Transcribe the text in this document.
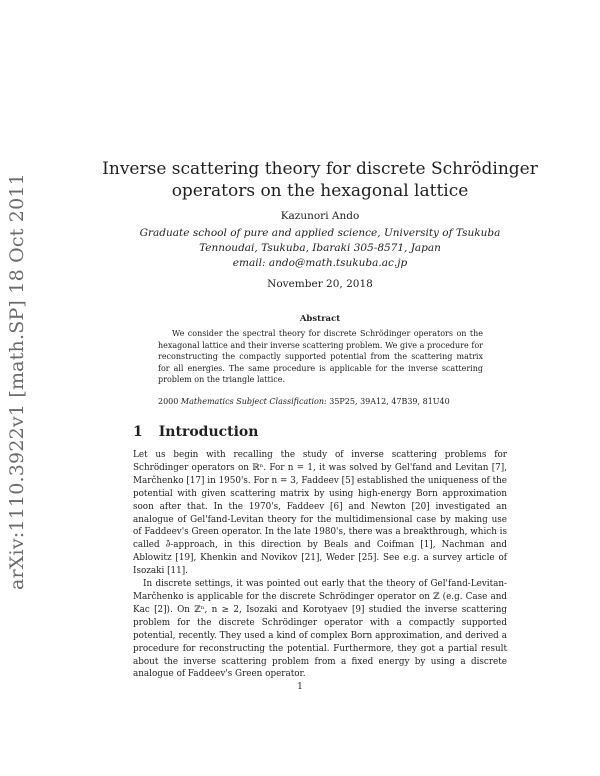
arXiv:1110.3922v1 [math.SP] 18 Oct 2011
Inverse scattering theory for discrete Schrödinger
operators on the hexagonal lattice
Kazunori Ando
Graduate school of pure and applied science, University of Tsukuba
Tennoudai, Tsukuba, Ibaraki 305-8571, Japan
email: ando@math.tsukuba.ac.jp
November 20, 2018
Abstract
We consider the spectral theory for discrete Schrödinger operators on the hexagonal lattice and their inverse scattering problem. We give a procedure for reconstructing the compactly supported potential from the scattering matrix for all energies. The same procedure is applicable for the inverse scattering problem on the triangle lattice.
2000 Mathematics Subject Classification: 35P25, 39A12, 47B39, 81U40
1 Introduction

Let us begin with recalling the study of inverse scattering problems for Schrödinger operators on ℝⁿ. For n = 1, it was solved by Gel'fand and Levitan [7], Marčhenko [17] in 1950's. For n = 3, Faddeev [5] established the uniqueness of the potential with given scattering matrix by using high-energy Born approximation soon after that. In the 1970's, Faddeev [6] and Newton [20] investigated an analogue of Gel'fand-Levitan theory for the multidimensional case by making use of Faddeev's Green operator. In the late 1980's, there was a breakthrough, which is called ∂̄-approach, in this direction by Beals and Coifman [1], Nachman and Ablowitz [19], Khenkin and Novikov [21], Weder [25]. See e.g. a survey article of Isozaki [11].

In discrete settings, it was pointed out early that the theory of Gel'fand-Levitan-Marčhenko is applicable for the discrete Schrödinger operator on ℤ (e.g. Case and Kac [2]). On ℤⁿ, n ≥ 2, Isozaki and Korotyaev [9] studied the inverse scattering problem for the discrete Schrödinger operator with a compactly supported potential, recently. They used a kind of complex Born approximation, and derived a procedure for reconstructing the potential. Furthermore, they got a partial result about the inverse scattering problem from a fixed energy by using a discrete analogue of Faddeev's Green operator.

1
